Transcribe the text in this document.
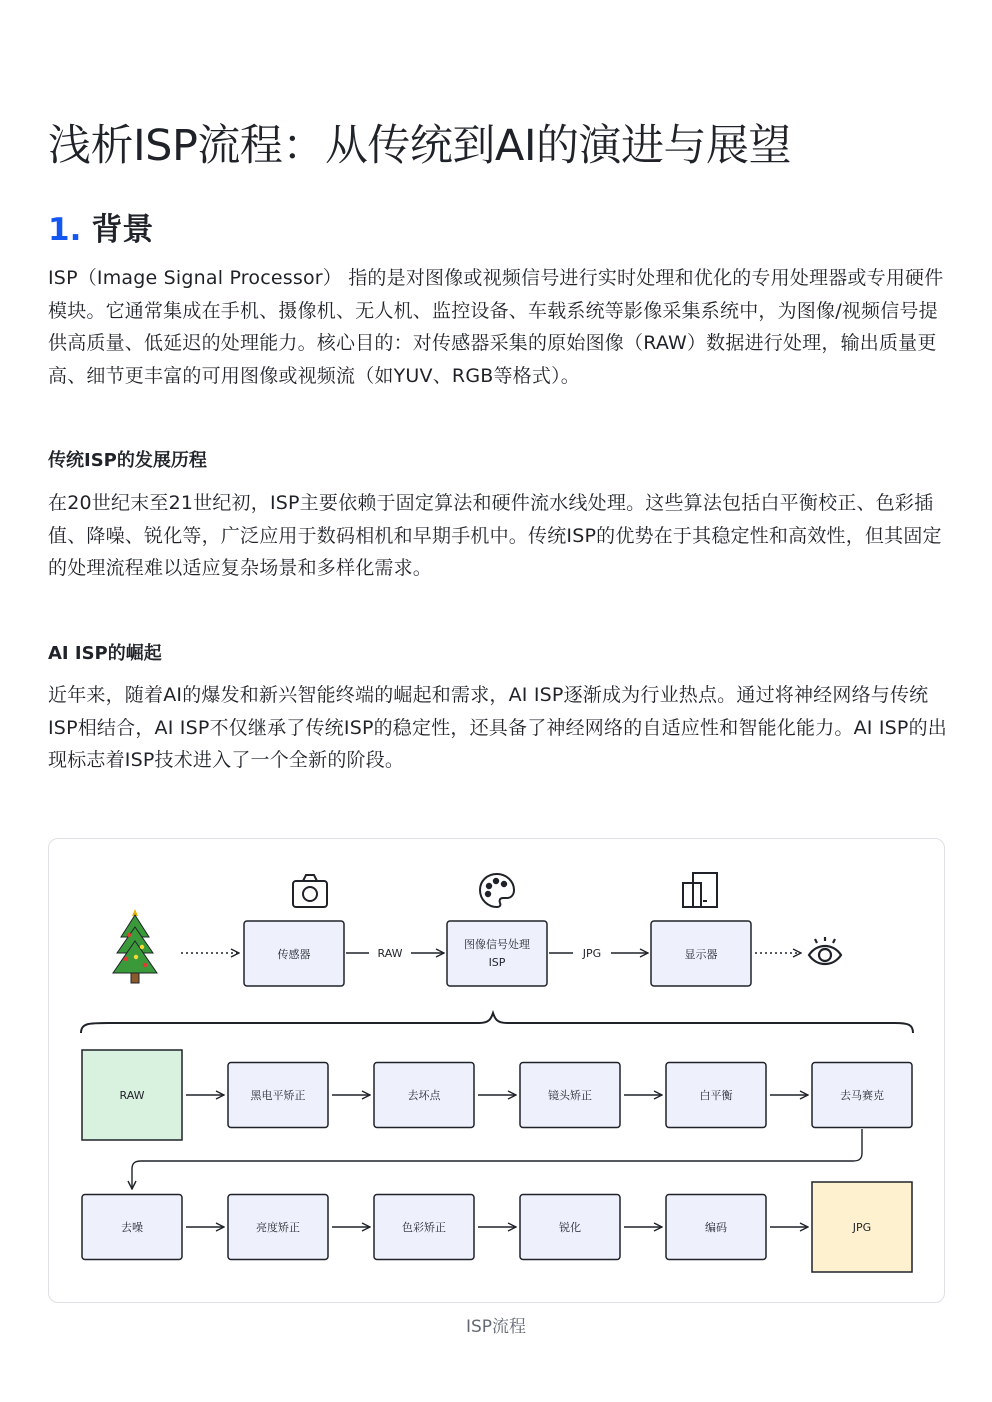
浅析ISP流程：从传统到AI的演进与展望
1. 背景

ISP（Image Signal Processor） 指的是对图像或视频信号进行实时处理和优化的专用处理器或专用硬件模块。它通常集成在手机、摄像机、无人机、监控设备、车载系统等影像采集系统中，为图像/视频信号提供高质量、低延迟的处理能力。核心目的：对传感器采集的原始图像（RAW）数据进行处理，输出质量更高、细节更丰富的可用图像或视频流（如YUV、RGB等格式）。

传统ISP的发展历程

在20世纪末至21世纪初，ISP主要依赖于固定算法和硬件流水线处理。这些算法包括白平衡校正、色彩插值、降噪、锐化等，广泛应用于数码相机和早期手机中。传统ISP的优势在于其稳定性和高效性，但其固定的处理流程难以适应复杂场景和多样化需求。

AI ISP的崛起

近年来，随着AI的爆发和新兴智能终端的崛起和需求，AI ISP逐渐成为行业热点。通过将神经网络与传统ISP相结合，AI ISP不仅继承了传统ISP的稳定性，还具备了神经网络的自适应性和智能化能力。AI ISP的出现标志着ISP技术进入了一个全新的阶段。

传感器	RAW
图像信号处理
ISP
JPG	显示器
RAW	黑电平矫正	去坏点	镜头矫正	白平衡	去马赛克
去噪	亮度矫正	色彩矫正	锐化	编码	JPG
ISP流程
